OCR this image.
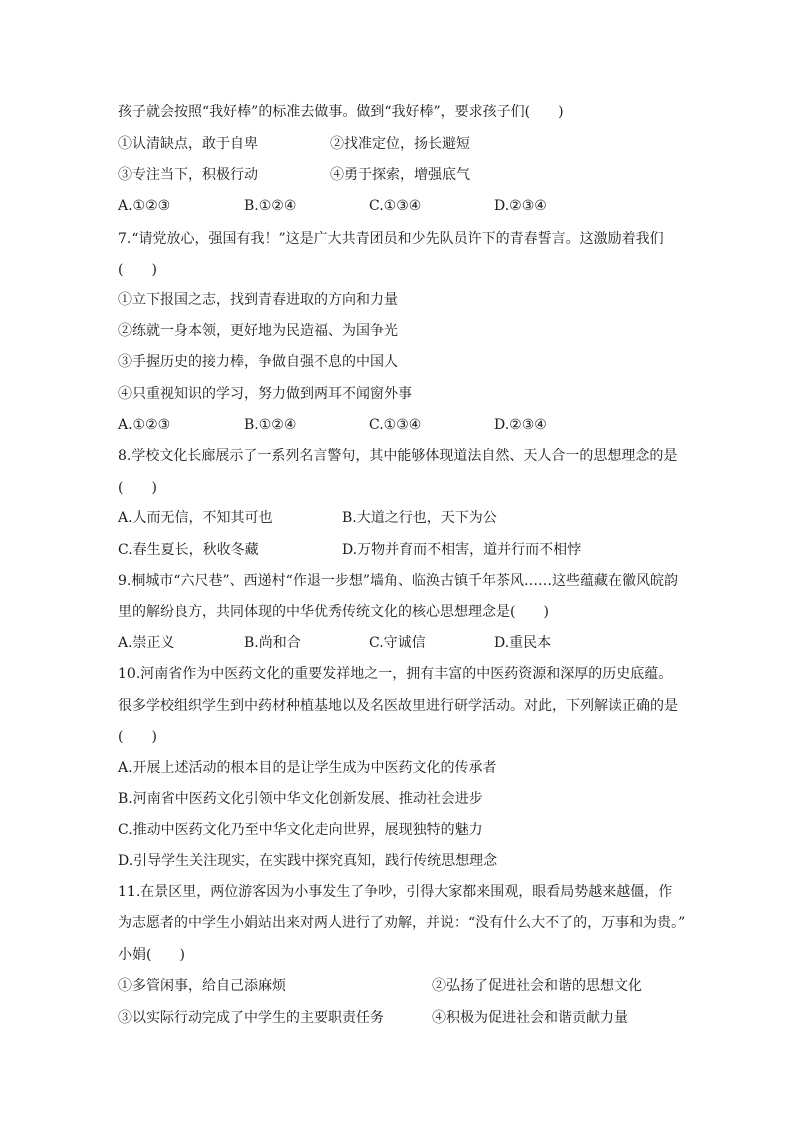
孩子就会按照“我好棒”的标准去做事。做到“我好棒”，要求孩子们(　　)
①认清缺点，敢于自卑	②找准定位，扬长避短
③专注当下，积极行动	④勇于探索，增强底气
A.①②③	B.①②④	C.①③④	D.②③④
7.“请党放心，强国有我！”这是广大共青团员和少先队员许下的青春誓言。这激励着我们
(　　)
①立下报国之志，找到青春进取的方向和力量
②练就一身本领，更好地为民造福、为国争光
③手握历史的接力棒，争做自强不息的中国人
④只重视知识的学习，努力做到两耳不闻窗外事
A.①②③	B.①②④	C.①③④	D.②③④
8.学校文化长廊展示了一系列名言警句，其中能够体现道法自然、天人合一的思想理念的是
(　　)
A.人而无信，不知其可也	B.大道之行也，天下为公
C.春生夏长，秋收冬藏	D.万物并育而不相害，道并行而不相悖
9.桐城市“六尺巷”、西递村“作退一步想”墙角、临涣古镇千年茶风……这些蕴藏在徽风皖韵
里的解纷良方，共同体现的中华优秀传统文化的核心思想理念是(　　)
A.崇正义	B.尚和合	C.守诚信	D.重民本
10.河南省作为中医药文化的重要发祥地之一，拥有丰富的中医药资源和深厚的历史底蕴。
很多学校组织学生到中药材种植基地以及名医故里进行研学活动。对此，下列解读正确的是
(　　)
A.开展上述活动的根本目的是让学生成为中医药文化的传承者
B.河南省中医药文化引领中华文化创新发展、推动社会进步
C.推动中医药文化乃至中华文化走向世界，展现独特的魅力
D.引导学生关注现实，在实践中探究真知，践行传统思想理念
11.在景区里，两位游客因为小事发生了争吵，引得大家都来围观，眼看局势越来越僵，作
为志愿者的中学生小娟站出来对两人进行了劝解，并说：“没有什么大不了的，万事和为贵。”
小娟(　　)
①多管闲事，给自己添麻烦	②弘扬了促进社会和谐的思想文化
③以实际行动完成了中学生的主要职责任务	④积极为促进社会和谐贡献力量
